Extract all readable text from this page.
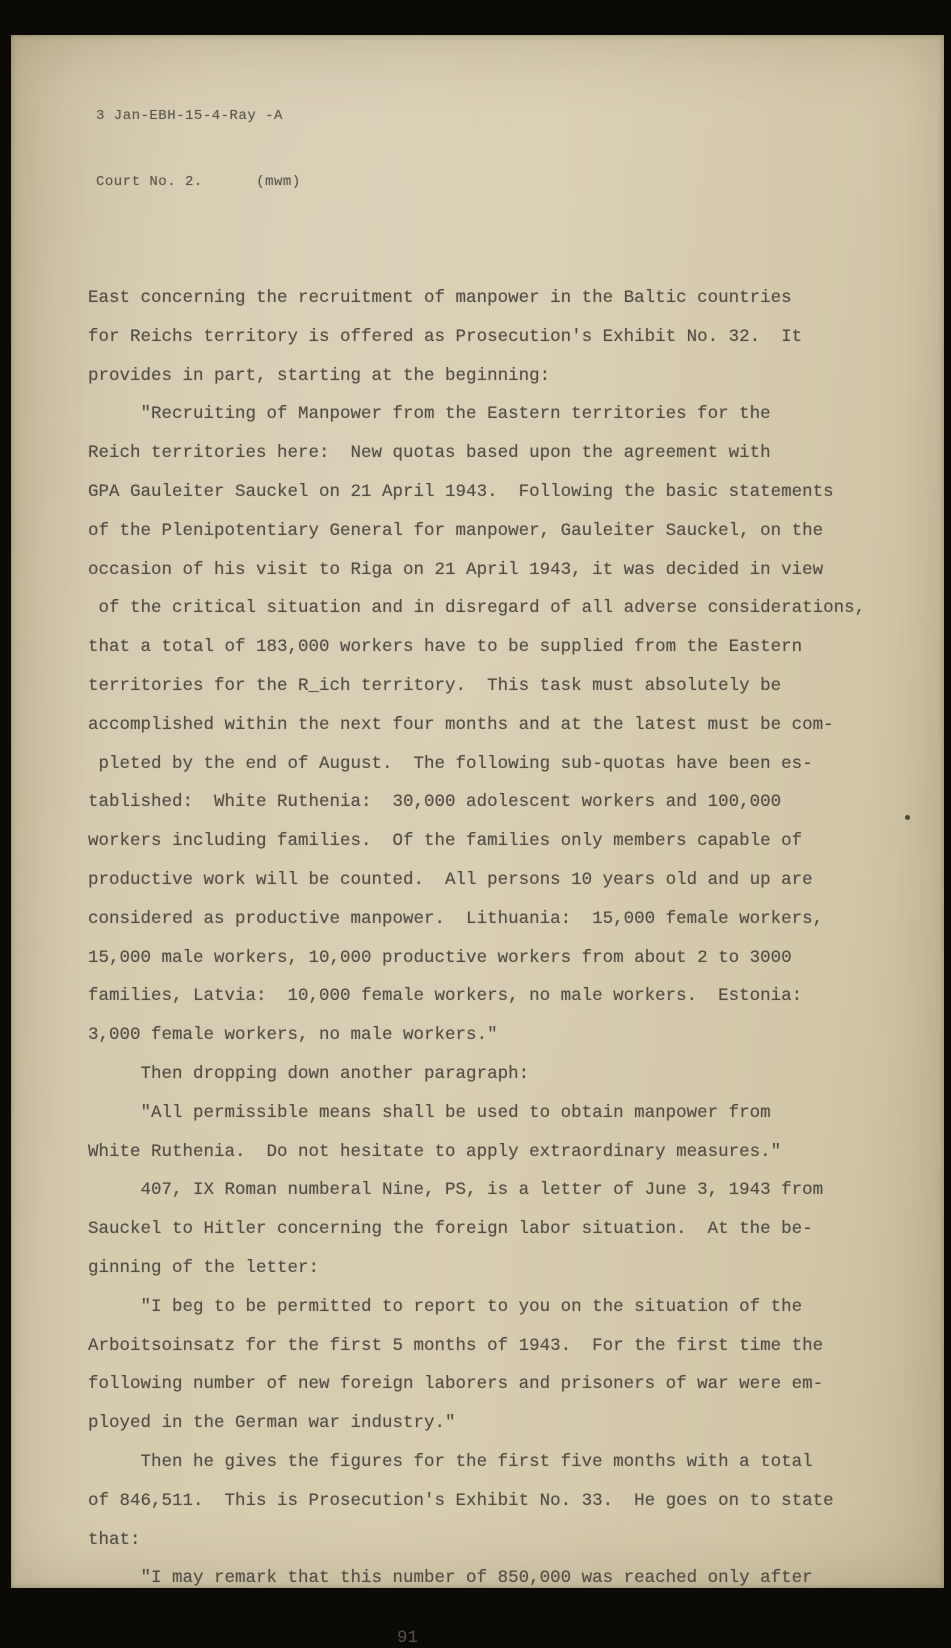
3 Jan-EBH-15-4-Ray -A

Court No. 2.      (mwm)

East concerning the recruitment of manpower in the Baltic countries
for Reichs territory is offered as Prosecution's Exhibit No. 32.  It
provides in part, starting at the beginning:
"Recruiting of Manpower from the Eastern territories for the
Reich territories here:  New quotas based upon the agreement with
GPA Gauleiter Sauckel on 21 April 1943.  Following the basic statements
of the Plenipotentiary General for manpower, Gauleiter Sauckel, on the
occasion of his visit to Riga on 21 April 1943, it was decided in view
of the critical situation and in disregard of all adverse considerations,
that a total of 183,000 workers have to be supplied from the Eastern
territories for the R_ich territory.  This task must absolutely be
accomplished within the next four months and at the latest must be com-
pleted by the end of August.  The following sub-quotas have been es-
tablished:  White Ruthenia:  30,000 adolescent workers and 100,000
workers including families.  Of the families only members capable of
productive work will be counted.  All persons 10 years old and up are
considered as productive manpower.  Lithuania:  15,000 female workers,
15,000 male workers, 10,000 productive workers from about 2 to 3000
families, Latvia:  10,000 female workers, no male workers.  Estonia:
3,000 female workers, no male workers."
Then dropping down another paragraph:
"All permissible means shall be used to obtain manpower from
White Ruthenia.  Do not hesitate to apply extraordinary measures."
407, IX Roman numberal Nine, PS, is a letter of June 3, 1943 from
Sauckel to Hitler concerning the foreign labor situation.  At the be-
ginning of the letter:
"I beg to be permitted to report to you on the situation of the
Arboitsoinsatz for the first 5 months of 1943.  For the first time the
following number of new foreign laborers and prisoners of war were em-
ployed in the German war industry."
Then he gives the figures for the first five months with a total
of 846,511.  This is Prosecution's Exhibit No. 33.  He goes on to state
that:
"I may remark that this number of 850,000 was reached only after
91
